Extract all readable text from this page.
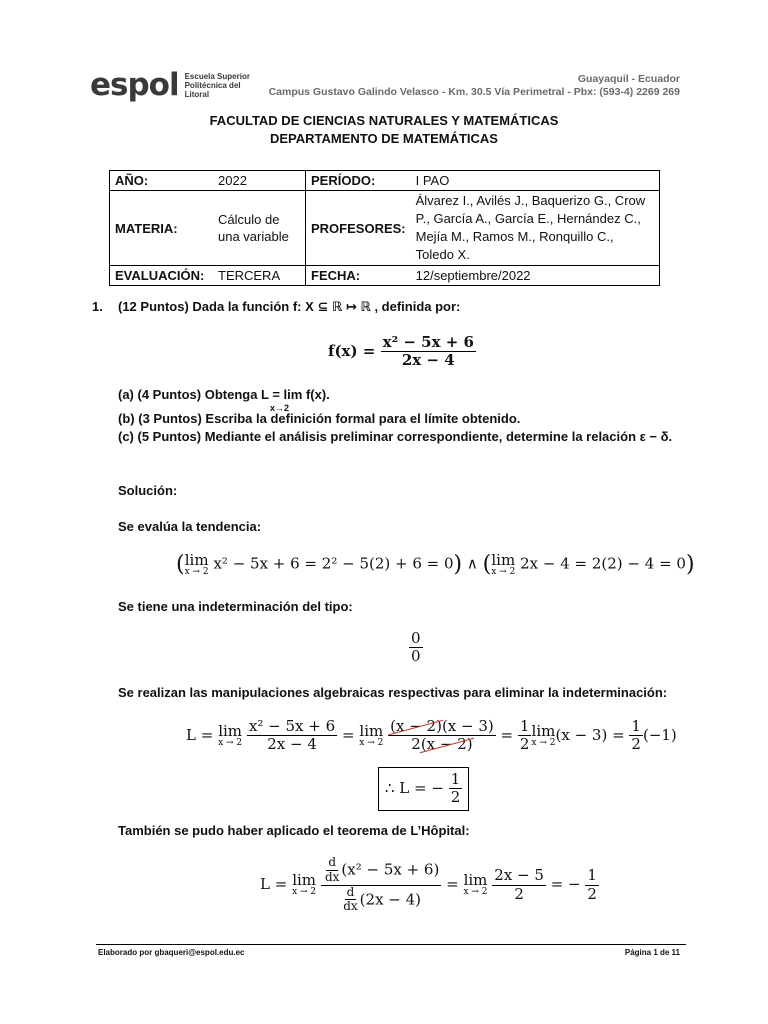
espol Escuela Superior Politécnica del Litoral
Guayaquil - Ecuador
Campus Gustavo Galindo Velasco - Km. 30.5 Vía Perimetral - Pbx: (593-4) 2269 269
FACULTAD DE CIENCIAS NATURALES Y MATEMÁTICAS
DEPARTAMENTO DE MATEMÁTICAS
AÑO:	2022	PERÍODO:	I PAO
MATERIA:	Cálculo de una variable	PROFESORES:	Álvarez I., Avilés J., Baquerizo G., Crow P., García A., García E., Hernández C., Mejía M., Ramos M., Ronquillo C., Toledo X.
EVALUACIÓN:	TERCERA	FECHA:	12/septiembre/2022
1. (12 Puntos) Dada la función f: X ⊆ ℝ ↦ ℝ , definida por:
$f(x) = \frac{\text{x² − 5x + 6}}{2x - 4}$
(a) (4 Puntos) Obtenga L = lim f(x).
x→2
(b) (3 Puntos) Escriba la definición formal para el límite obtenido.
(c) (5 Puntos) Mediante el análisis preliminar correspondiente, determine la relación ε − δ.
Solución:
Se evalúa la tendencia:
( lim
x → 2 x² − 5x + 6 = 2² − 5(2) + 6 = 0) ∧ ( lim
x → 2 2x − 4 = 2(2) − 4 = 0)
Se tiene una indeterminación del tipo:
$\frac{0}{0}$
Se realizan las manipulaciones algebraicas respectivas para eliminar la indeterminación:
L = lim
x → 2
$\frac{\text{x² − 5x + 6}}{2x - 4} = \lim$
x → 2
$\frac{(x - 2)(x - 3)}{2(x - 2)} = \frac{1}{2}$ lim
x → 2 $(x - 3) = \frac{1}{2} (-1)$
∴ L = − $\frac{1}{2}$
También se pudo haber aplicado el teorema de L’Hôpital:
L = lim
x → 2
$\frac{\frac{d}{dx} (x^2 - 5x + 6)}{\frac{d}{dx} (2x - 4)} = \lim$
x → 2
$\frac{2x - 5}{2}$ = − $\frac{1}{2}$
Elaborado por gbaqueri@espol.edu.ec	Página 1 de 11
